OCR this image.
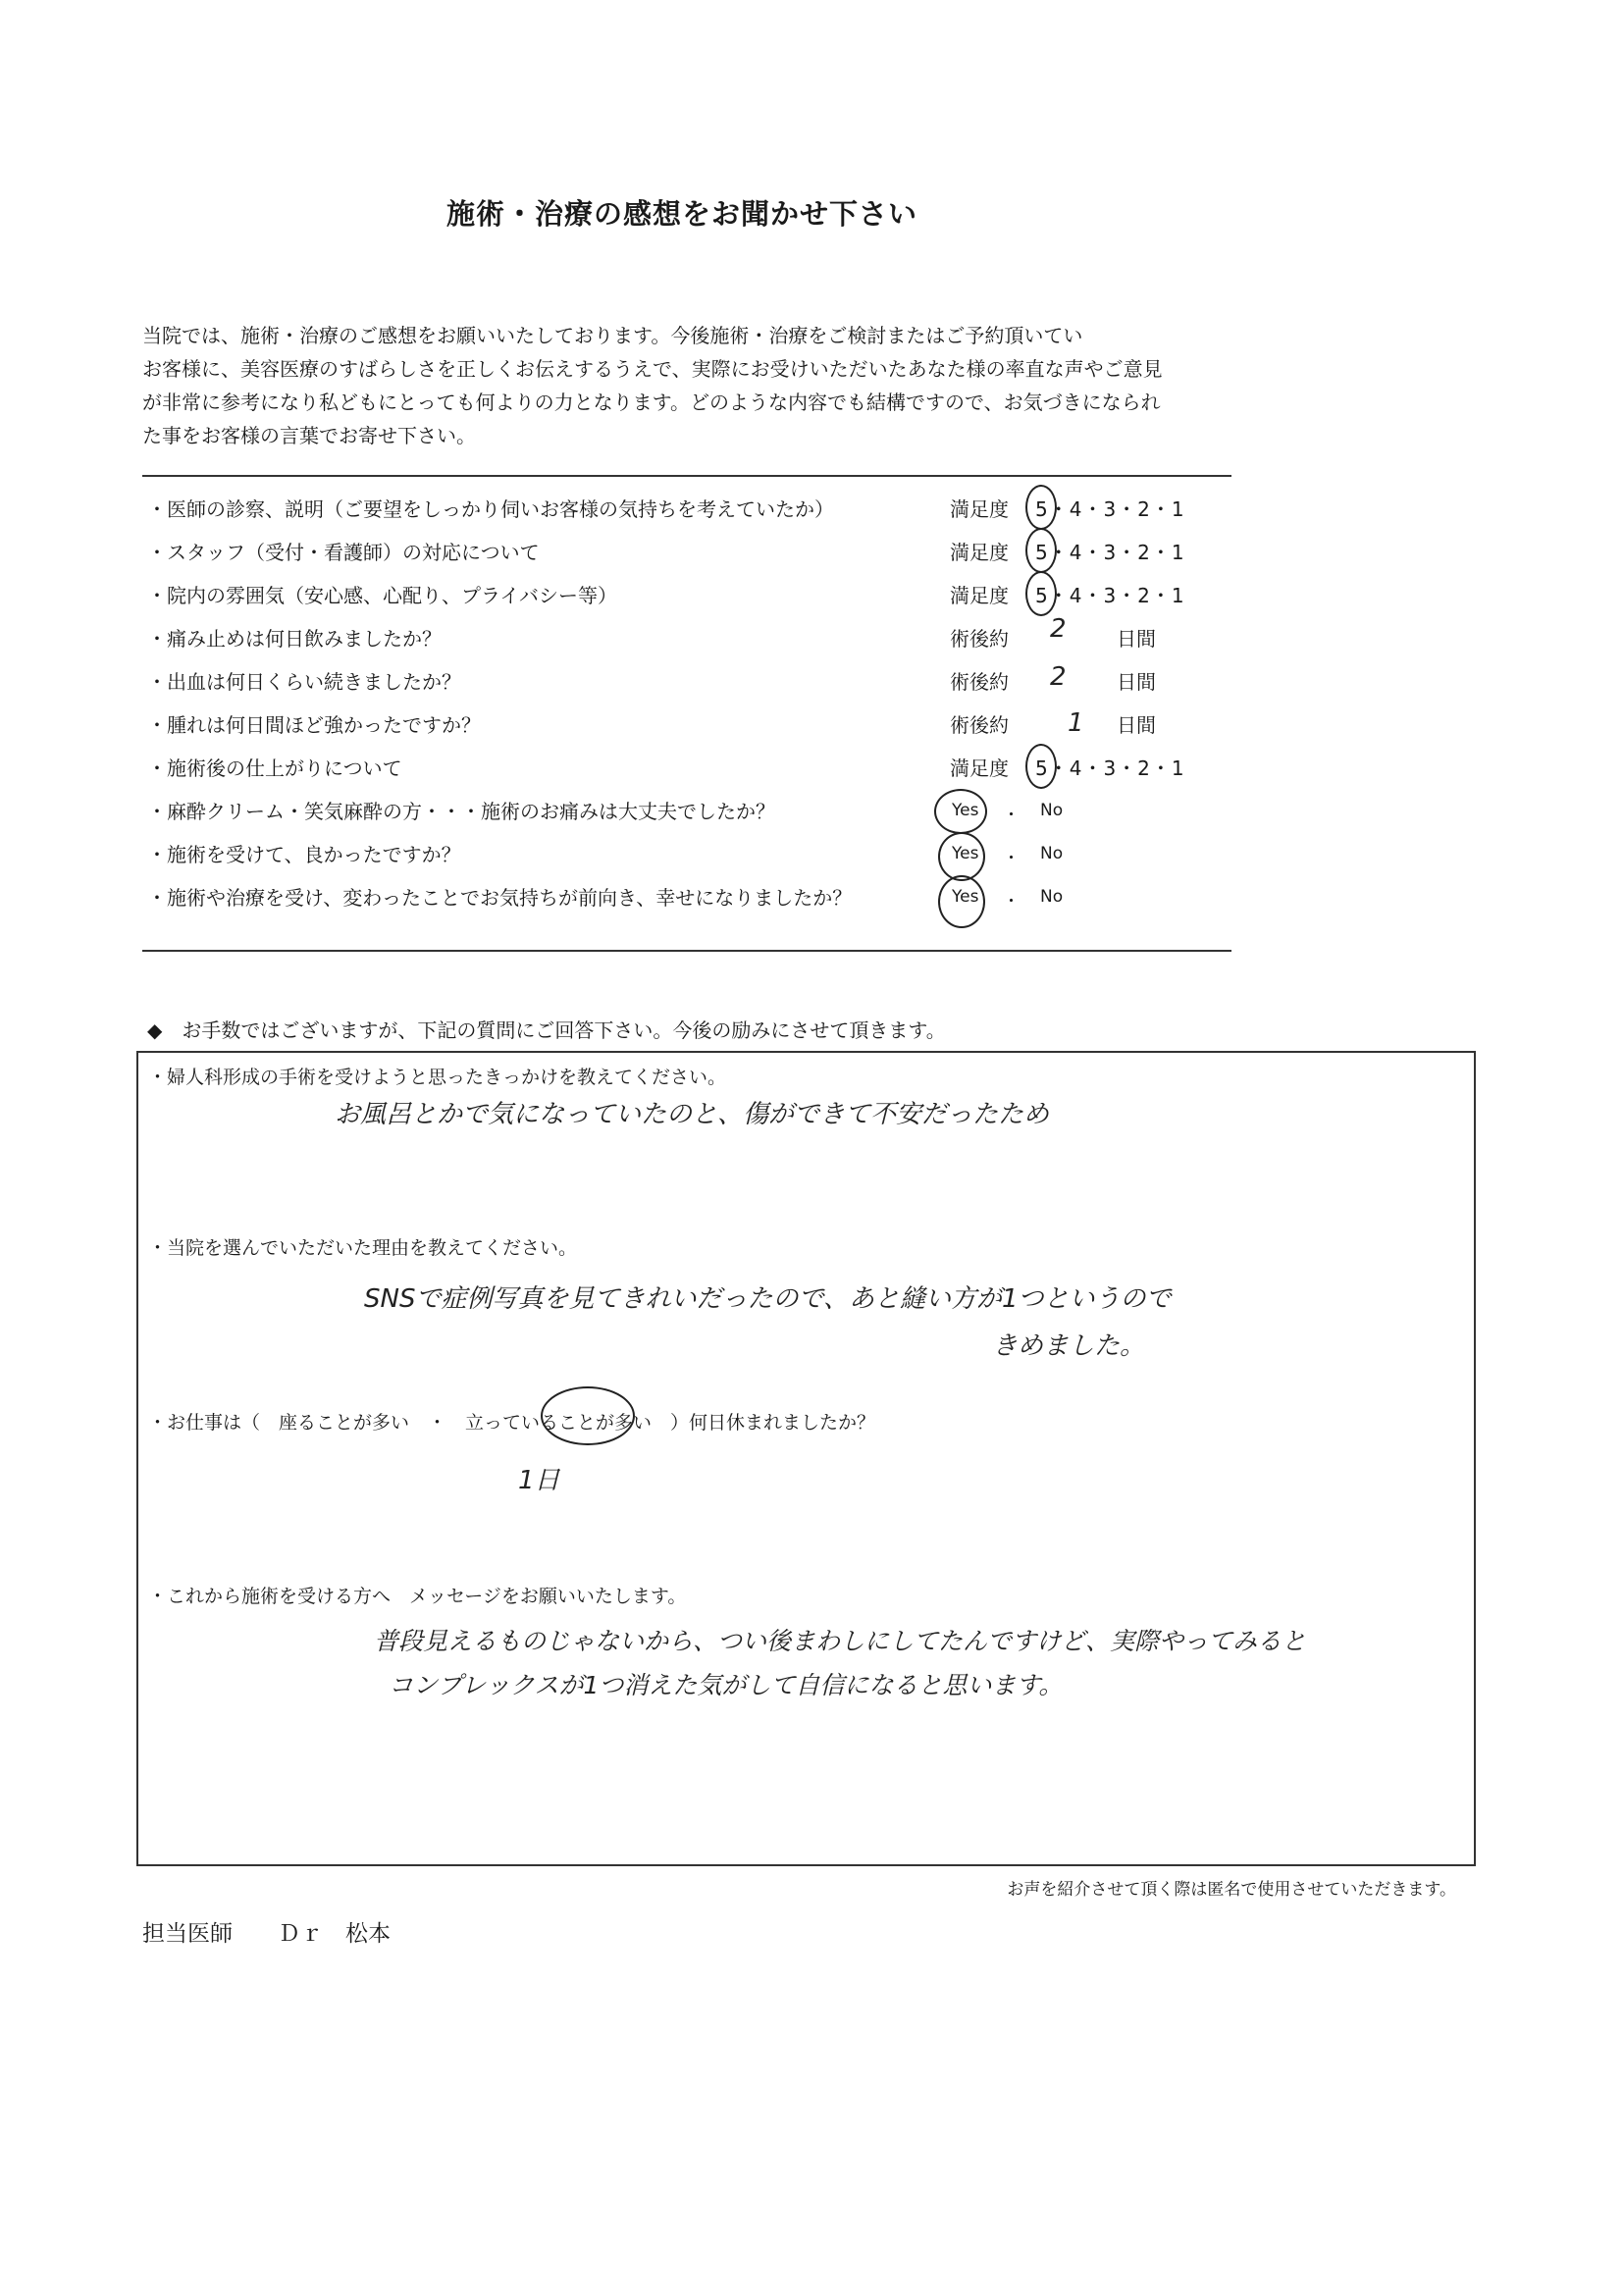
施術・治療の感想をお聞かせ下さい
当院では、施術・治療のご感想をお願いいたしております。今後施術・治療をご検討またはご予約頂いてい
お客様に、美容医療のすばらしさを正しくお伝えするうえで、実際にお受けいただいたあなた様の率直な声やご意見
が非常に参考になり私どもにとっても何よりの力となります。どのような内容でも結構ですので、お気づきになられ
た事をお客様の言葉でお寄せ下さい。
・医師の診察、説明（ご要望をしっかり伺いお客様の気持ちを考えていたか）	満足度 5・4・3・2・1
・スタッフ（受付・看護師）の対応について	満足度 5・4・3・2・1
・院内の雰囲気（安心感、心配り、プライバシー等）	満足度 5・4・3・2・1
・痛み止めは何日飲みましたか？	術後約 2	日間
・出血は何日くらい続きましたか？	術後約 2	日間
・腫れは何日間ほど強かったですか？	術後約 1 日間
・施術後の仕上がりについて	満足度 5・4・3・2・1
・麻酔クリーム・笑気麻酔の方・・・施術のお痛みは大丈夫でしたか？	Yes ・ No
・施術を受けて、良かったですか？	Yes ・ No
・施術や治療を受け、変わったことでお気持ちが前向き、幸せになりましたか？	Yes ・ No
◆　お手数ではございますが、下記の質問にご回答下さい。今後の励みにさせて頂きます。
・婦人科形成の手術を受けようと思ったきっかけを教えてください。
お風呂とかで気になっていたのと、傷ができて不安だったため
・当院を選んでいただいた理由を教えてください。
SNSで症例写真を見てきれいだったので、あと縫い方が1つというので
きめました。
・お仕事は（　座ることが多い　・　立っていることが多い　）何日休まれましたか？
1日
・これから施術を受ける方へ　メッセージをお願いいたします。
普段見えるものじゃないから、つい後まわしにしてたんですけど、実際やってみると
コンプレックスが1つ消えた気がして自信になると思います。
お声を紹介させて頂く際は匿名で使用させていただきます。
担当医師　　Ｄｒ　松本
